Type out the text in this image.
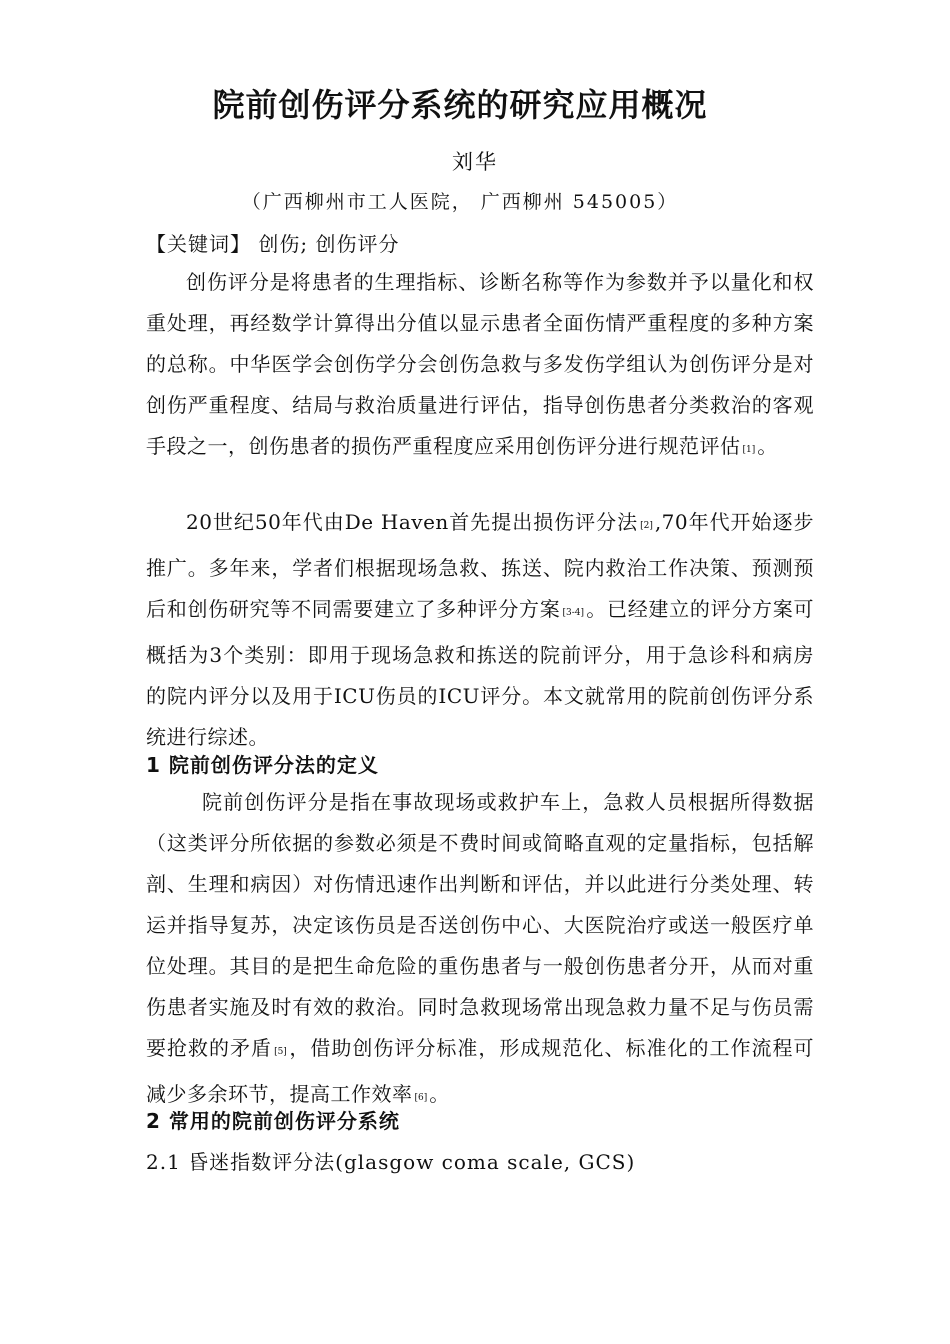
院前创伤评分系统的研究应用概况
刘华
（广西柳州市工人医院， 广西柳州 545005）
【关键词】 创伤; 创伤评分
创伤评分是将患者的生理指标、诊断名称等作为参数并予以量化和权重处理，再经数学计算得出分值以显示患者全面伤情严重程度的多种方案的总称。中华医学会创伤学分会创伤急救与多发伤学组认为创伤评分是对创伤严重程度、结局与救治质量进行评估，指导创伤患者分类救治的客观手段之一，创伤患者的损伤严重程度应采用创伤评分进行规范评估 [1] 。
20世纪50年代由De Haven首先提出损伤评分法 [2] ,70年代开始逐步推广。多年来，学者们根据现场急救、拣送、院内救治工作决策、预测预后和创伤研究等不同需要建立了多种评分方案 [3-4] 。已经建立的评分方案可概括为3个类别：即用于现场急救和拣送的院前评分，用于急诊科和病房的院内评分以及用于ICU伤员的ICU评分。本文就常用的院前创伤评分系统进行综述。
1 院前创伤评分法的定义
院前创伤评分是指在事故现场或救护车上，急救人员根据所得数据（这类评分所依据的参数必须是不费时间或简略直观的定量指标，包括解剖、生理和病因）对伤情迅速作出判断和评估，并以此进行分类处理、转运并指导复苏，决定该伤员是否送创伤中心、大医院治疗或送一般医疗单位处理。其目的是把生命危险的重伤患者与一般创伤患者分开，从而对重伤患者实施及时有效的救治。同时急救现场常出现急救力量不足与伤员需要抢救的矛盾 [5] ，借助创伤评分标准，形成规范化、标准化的工作流程可减少多余环节，提高工作效率 [6] 。
2 常用的院前创伤评分系统
2.1 昏迷指数评分法(glasgow coma scale, GCS)
